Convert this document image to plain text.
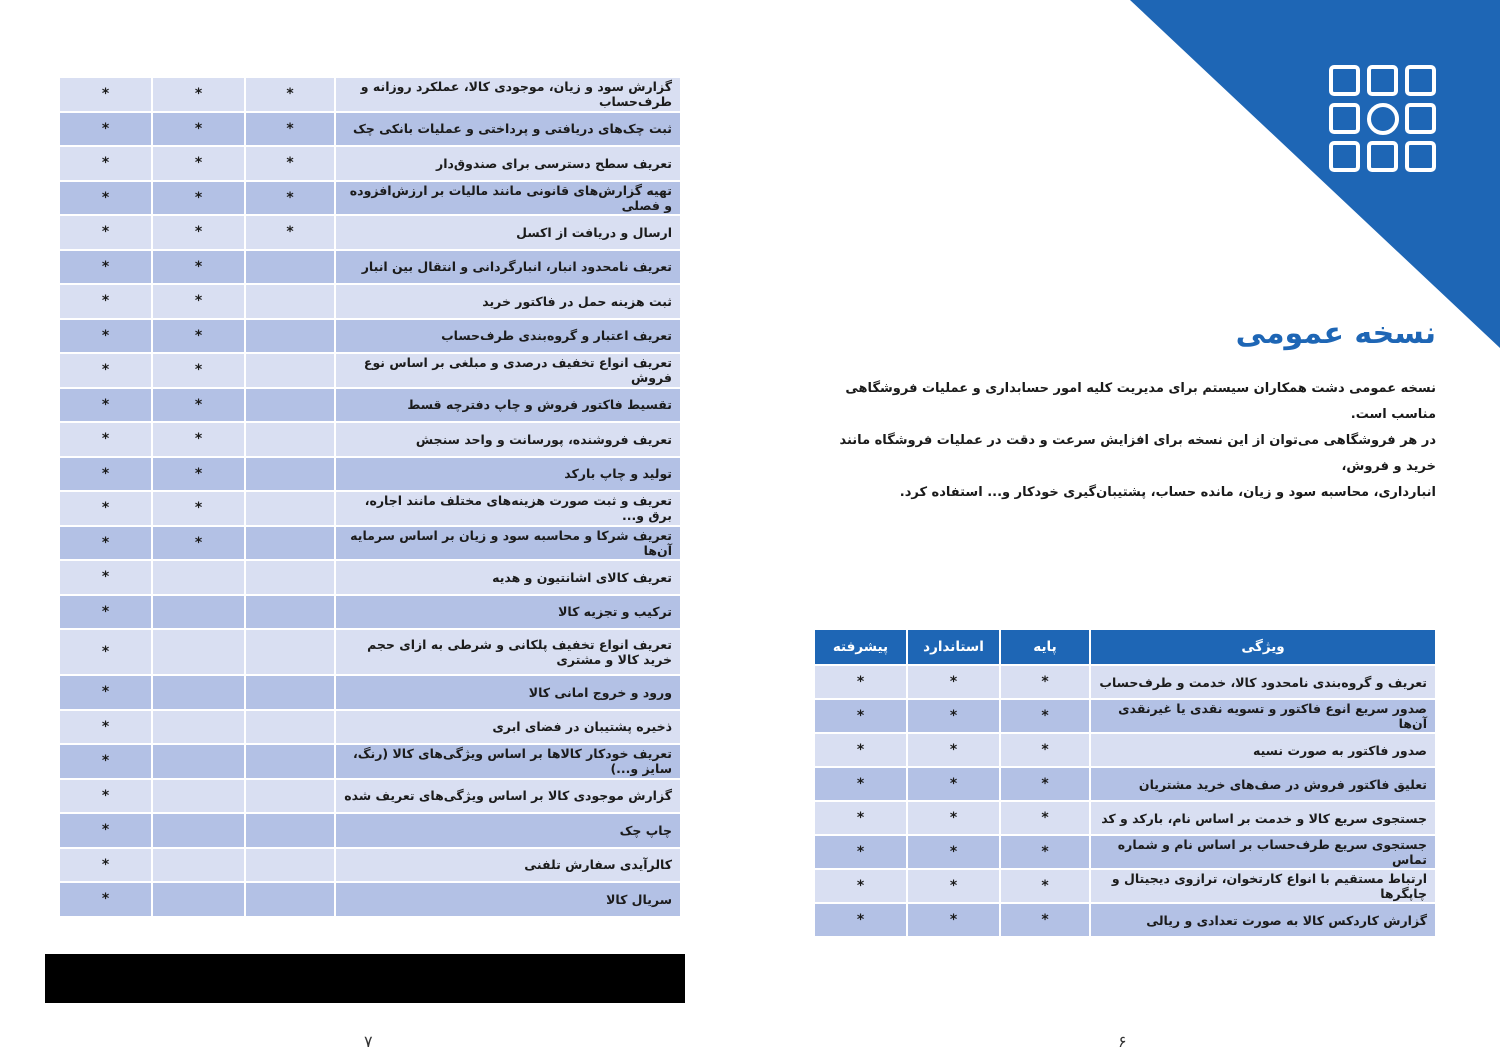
گزارش سود و زیان، موجودی کالا، عملکرد روزانه و طرف‌حساب	*	*	*
ثبت چک‌های دریافتی و پرداختی و عملیات بانکی چک	*	*	*
تعریف سطح دسترسی برای صندوق‌دار	*	*	*
تهیه گزارش‌های قانونی مانند مالیات بر ارزش‌افزوده و فصلی	*	*	*
ارسال و دریافت از اکسل	*	*	*
تعریف نامحدود انبار، انبارگردانی و انتقال بین انبار		*	*
ثبت هزینه حمل در فاکتور خرید		*	*
تعریف اعتبار و گروه‌بندی طرف‌حساب		*	*
تعریف انواع تخفیف درصدی و مبلغی بر اساس نوع فروش		*	*
تقسیط فاکتور فروش و چاپ دفترچه قسط		*	*
تعریف فروشنده، پورسانت و واحد سنجش		*	*
تولید و چاپ بارکد		*	*
تعریف و ثبت صورت هزینه‌های مختلف مانند اجاره، برق و...		*	*
تعریف شرکا و محاسبه سود و زیان بر اساس سرمایه آن‌ها		*	*
تعریف کالای اشانتیون و هدیه			*
ترکیب و تجزیه کالا			*
تعریف انواع تخفیف پلکانی و شرطی به ازای حجم خرید کالا و مشتری			*
ورود و خروج امانی کالا			*
ذخیره پشتیبان در فضای ابری			*
تعریف خودکار کالاها بر اساس ویژگی‌های کالا (رنگ، سایز و...)			*
گزارش موجودی کالا بر اساس ویژگی‌های تعریف شده			*
چاپ چک			*
کالرآیدی سفارش تلفنی			*
سریال کالا			*
۷
نسخه عمومی
نسخه عمومی دشت همکاران سیستم برای مدیریت کلیه امور حسابداری و عملیات فروشگاهی مناسب است.
در هر فروشگاهی می‌توان از این نسخه برای افزایش سرعت و دقت در عملیات فروشگاه مانند خرید و فروش،
انبارداری، محاسبه سود و زیان، مانده حساب، پشتیبان‌گیری خودکار و... استفاده کرد.
ویژگی	پایه	استاندارد	پیشرفته
تعریف و گروه‌بندی نامحدود کالا، خدمت و طرف‌حساب	*	*	*
صدور سریع انوع فاکتور و تسویه نقدی یا غیرنقدی آن‌ها	*	*	*
صدور فاکتور به صورت نسیه	*	*	*
تعلیق فاکتور فروش در صف‌های خرید مشتریان	*	*	*
جستجوی سریع کالا و خدمت بر اساس نام، بارکد و کد	*	*	*
جستجوی سریع طرف‌حساب بر اساس نام و شماره تماس	*	*	*
ارتباط مستقیم با انواع کارتخوان، ترازوی دیجیتال و چاپگرها	*	*	*
گزارش کاردکس کالا به صورت تعدادی و ریالی	*	*	*
۶
